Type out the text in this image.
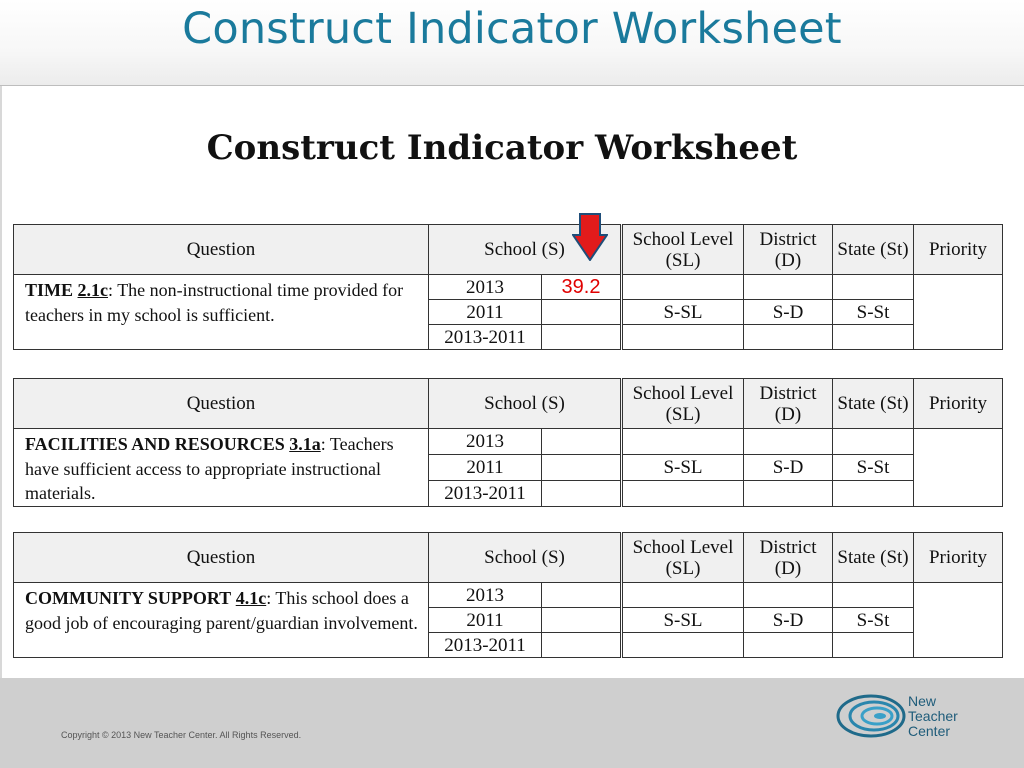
Construct Indicator Worksheet
Construct Indicator Worksheet
Question	School (S)		School Level (SL)	District (D)	State (St)	Priority
TIME 2.1c: The non-instructional time provided for teachers in my school is sufficient.	2013	39.2				
	2011		S-SL	S-D	S-St	
	2013-2011					
Question	School (S)		School Level (SL)	District (D)	State (St)	Priority
FACILITIES AND RESOURCES 3.1a: Teachers have sufficient access to appropriate instructional materials.	2013					
	2011		S-SL	S-D	S-St	
	2013-2011					
Question	School (S)		School Level (SL)	District (D)	State (St)	Priority
COMMUNITY SUPPORT 4.1c: This school does a good job of encouraging parent/guardian involvement.	2013					
	2011		S-SL	S-D	S-St	
	2013-2011					
Copyright © 2013 New Teacher Center. All Rights Reserved.
New
Teacher
Center
